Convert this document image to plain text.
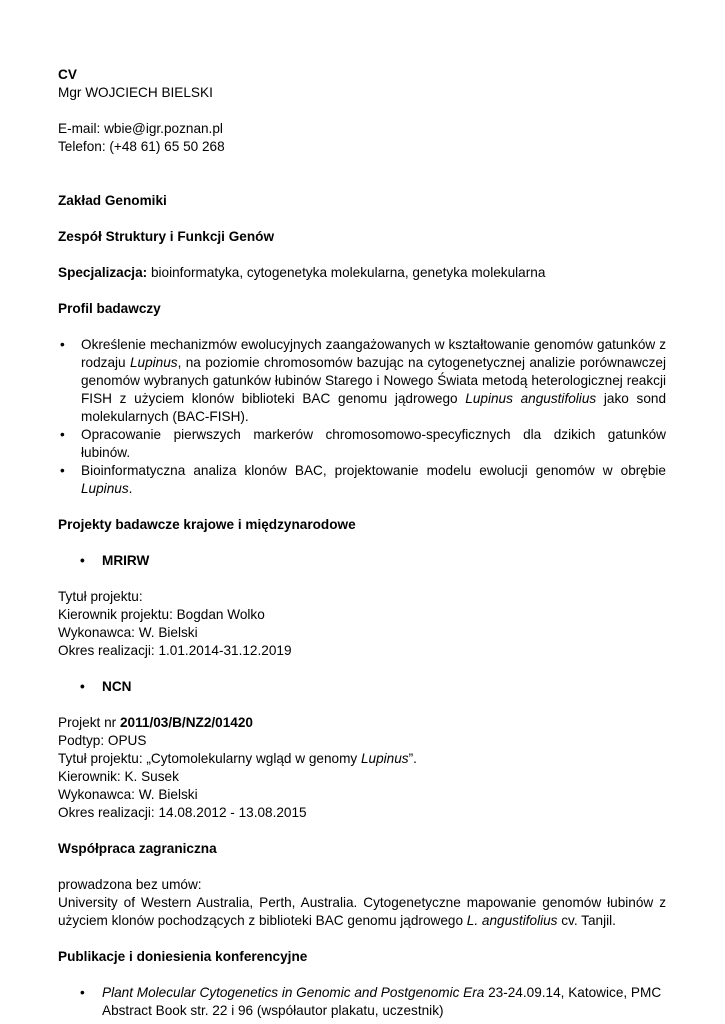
CV
Mgr WOJCIECH BIELSKI
E-mail: wbie@igr.poznan.pl
Telefon: (+48 61) 65 50 268
Zakład Genomiki
Zespół Struktury i Funkcji Genów
Specjalizacja: bioinformatyka, cytogenetyka molekularna, genetyka molekularna
Profil badawczy
• Określenie mechanizmów ewolucyjnych zaangażowanych w kształtowanie genomów gatunków z rodzaju Lupinus, na poziomie chromosomów bazując na cytogenetycznej analizie porównawczej genomów wybranych gatunków łubinów Starego i Nowego Świata metodą heterologicznej reakcji FISH z użyciem klonów biblioteki BAC genomu jądrowego Lupinus angustifolius jako sond molekularnych (BAC-FISH).
• Opracowanie pierwszych markerów chromosomowo-specyficznych dla dzikich gatunków łubinów.
• Bioinformatyczna analiza klonów BAC, projektowanie modelu ewolucji genomów w obrębie Lupinus.
Projekty badawcze krajowe i międzynarodowe
• MRIRW
Tytuł projektu:
Kierownik projektu: Bogdan Wolko
Wykonawca: W. Bielski
Okres realizacji: 1.01.2014-31.12.2019
• NCN
Projekt nr 2011/03/B/NZ2/01420
Podtyp: OPUS
Tytuł projektu: „Cytomolekularny wgląd w genomy Lupinus”.
Kierownik: K. Susek
Wykonawca: W. Bielski
Okres realizacji: 14.08.2012 - 13.08.2015
Współpraca zagraniczna
prowadzona bez umów:
University of Western Australia, Perth, Australia. Cytogenetyczne mapowanie genomów łubinów z użyciem klonów pochodzących z biblioteki BAC genomu jądrowego L. angustifolius cv. Tanjil.
Publikacje i doniesienia konferencyjne
• Plant Molecular Cytogenetics in Genomic and Postgenomic Era 23-24.09.14, Katowice, PMC Abstract Book str. 22 i 96 (współautor plakatu, uczestnik)
